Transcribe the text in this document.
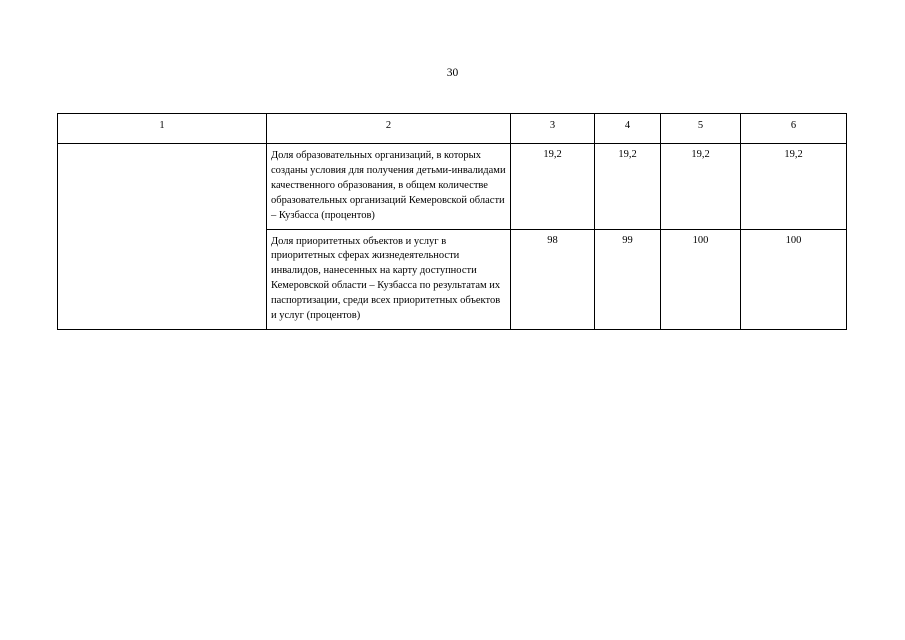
30
1	2	3	4	5	6
	Доля образовательных организаций, в которых созданы условия для получения детьми-инвалидами качественного образования, в общем количестве образовательных организаций Кемеровской области – Кузбасса (процентов)	19,2	19,2	19,2	19,2
	Доля приоритетных объектов и услуг в приоритетных сферах жизнедеятельности инвалидов, нанесенных на карту доступности Кемеровской области – Кузбасса по результатам их паспортизации, среди всех приоритетных объектов и услуг (процентов)	98	99	100	100
